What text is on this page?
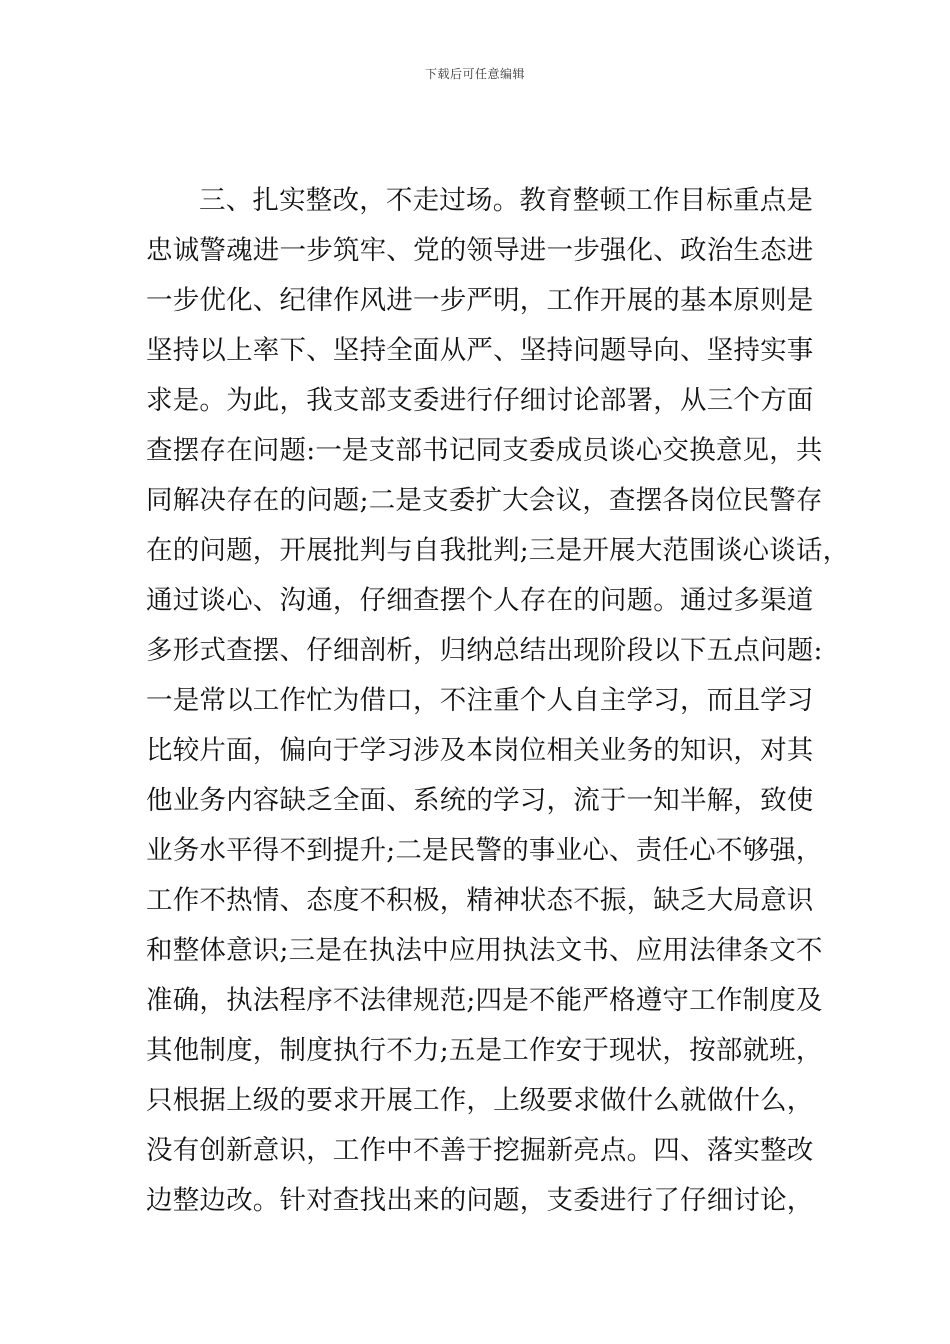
下载后可任意编辑
三、扎实整改，不走过场。教育整顿工作目标重点是
忠诚警魂进一步筑牢、党的领导进一步强化、政治生态进
一步优化、纪律作风进一步严明，工作开展的基本原则是
坚持以上率下、坚持全面从严、坚持问题导向、坚持实事
求是。为此，我支部支委进行仔细讨论部署，从三个方面
查摆存在问题:一是支部书记同支委成员谈心交换意见，共
同解决存在的问题;二是支委扩大会议，查摆各岗位民警存
在的问题，开展批判与自我批判;三是开展大范围谈心谈话，
通过谈心、沟通，仔细查摆个人存在的问题。通过多渠道
多形式查摆、仔细剖析，归纳总结出现阶段以下五点问题:
一是常以工作忙为借口，不注重个人自主学习，而且学习
比较片面，偏向于学习涉及本岗位相关业务的知识，对其
他业务内容缺乏全面、系统的学习，流于一知半解，致使
业务水平得不到提升;二是民警的事业心、责任心不够强，
工作不热情、态度不积极，精神状态不振，缺乏大局意识
和整体意识;三是在执法中应用执法文书、应用法律条文不
准确，执法程序不法律规范;四是不能严格遵守工作制度及
其他制度，制度执行不力;五是工作安于现状，按部就班，
只根据上级的要求开展工作，上级要求做什么就做什么，
没有创新意识，工作中不善于挖掘新亮点。四、落实整改
边整边改。针对查找出来的问题，支委进行了仔细讨论，
